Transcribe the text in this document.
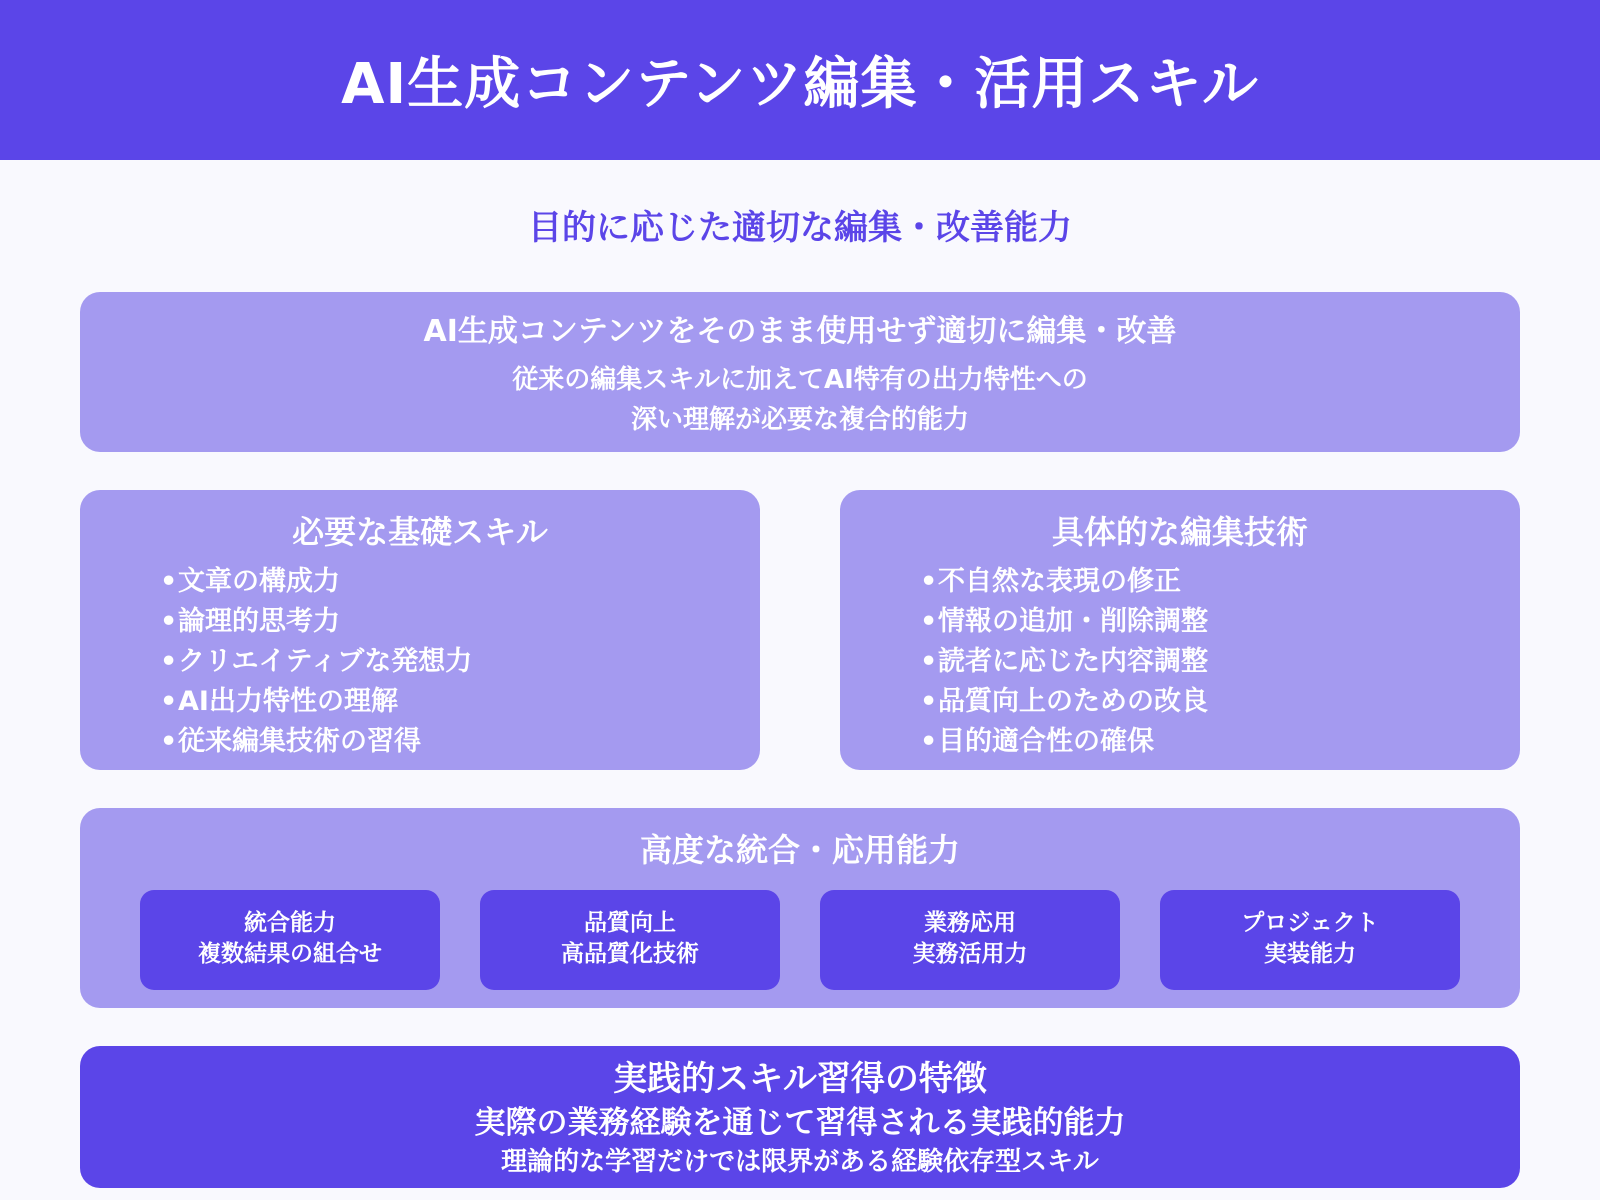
AI生成コンテンツ編集・活用スキル
目的に応じた適切な編集・改善能力
AI生成コンテンツをそのまま使用せず適切に編集・改善
従来の編集スキルに加えてAI特有の出力特性への
深い理解が必要な複合的能力
必要な基礎スキル
•文章の構成力
•論理的思考力
•クリエイティブな発想力
•AI出力特性の理解
•従来編集技術の習得
具体的な編集技術
•不自然な表現の修正
•情報の追加・削除調整
•読者に応じた内容調整
•品質向上のための改良
•目的適合性の確保
高度な統合・応用能力
統合能力
複数結果の組合せ
品質向上
高品質化技術
業務応用
実務活用力
プロジェクト
実装能力
実践的スキル習得の特徴
実際の業務経験を通じて習得される実践的能力
理論的な学習だけでは限界がある経験依存型スキル
